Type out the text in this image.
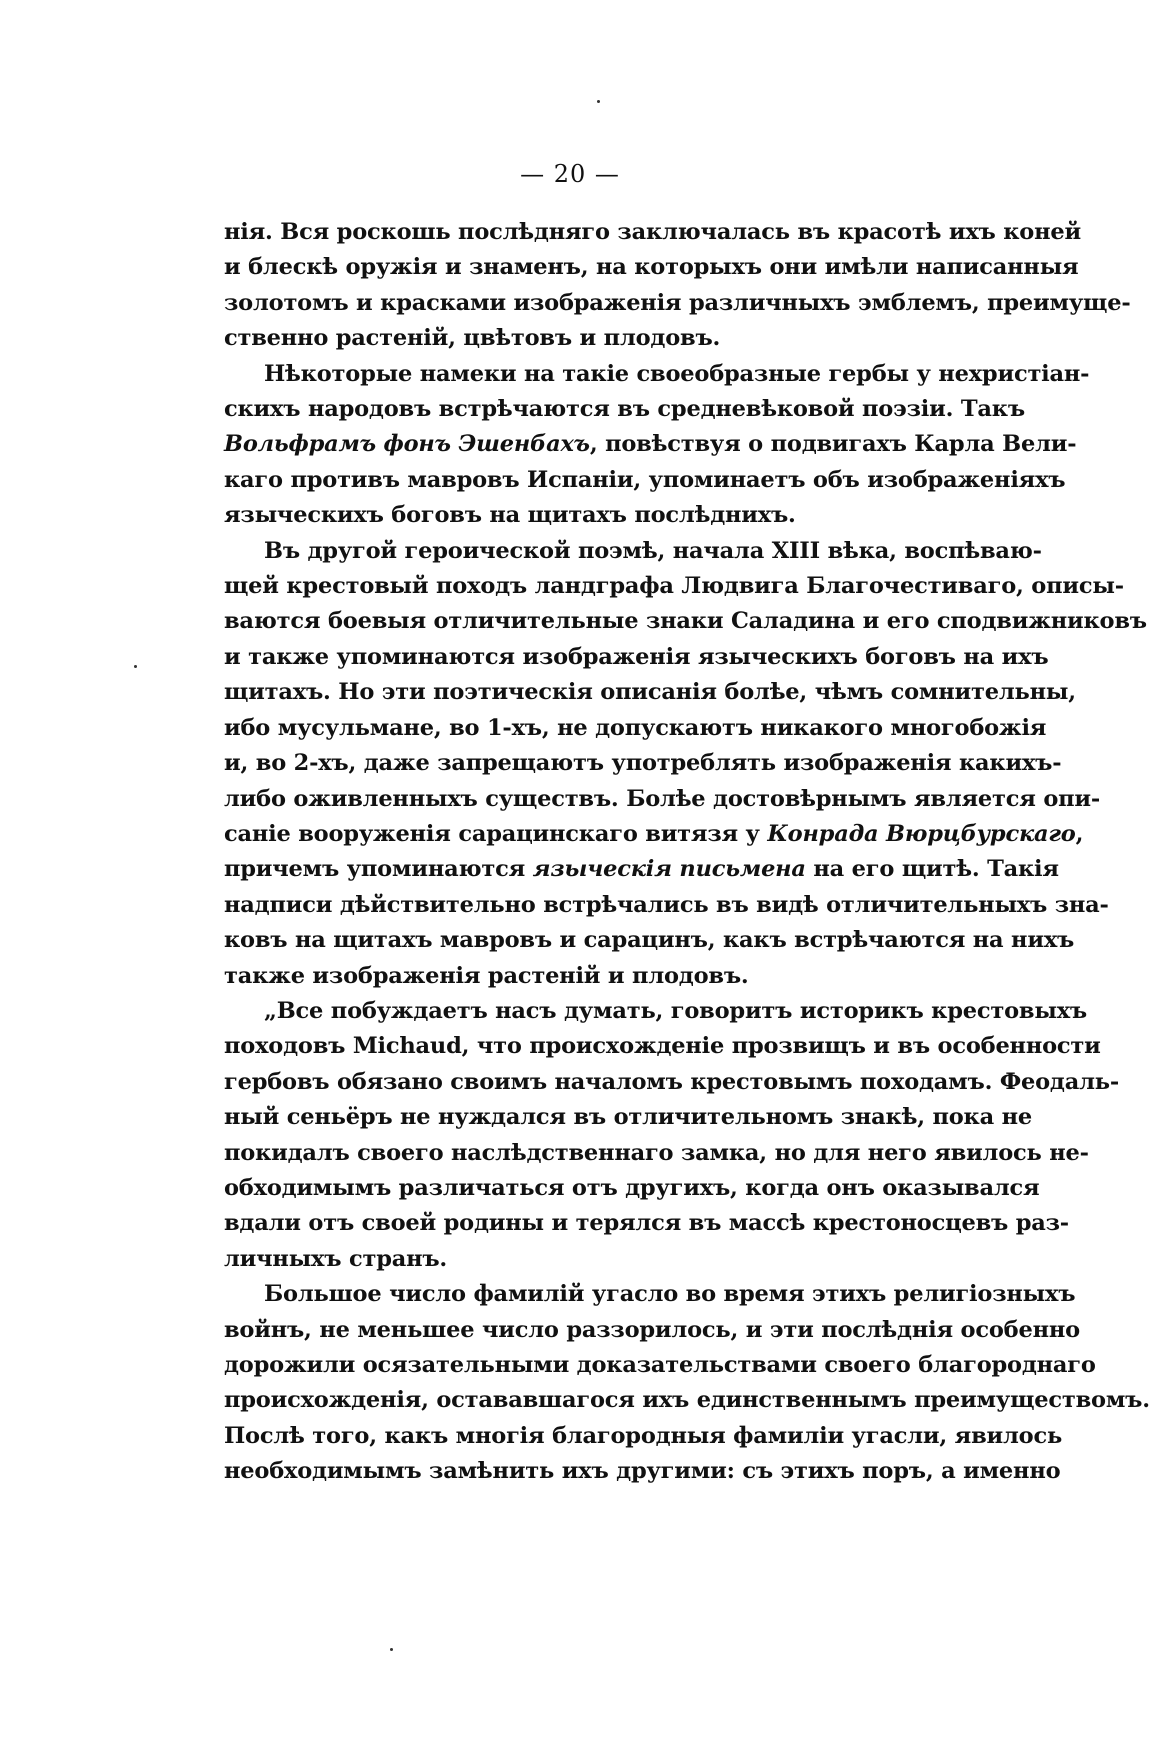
— 20 —
нія. Вся роскошь послѣдняго заключалась въ красотѣ ихъ коней
и блескѣ оружія и знаменъ, на которыхъ они имѣли написанныя
золотомъ и красками изображенія различныхъ эмблемъ, преимуще-
ственно растеній, цвѣтовъ и плодовъ.
Нѣкоторые намеки на такіе своеобразные гербы у нехристіан-
скихъ народовъ встрѣчаются въ средневѣковой поэзіи. Такъ
Вольфрамъ фонъ Эшенбахъ, повѣствуя о подвигахъ Карла Вели-
каго противъ мавровъ Испаніи, упоминаетъ объ изображеніяхъ
языческихъ боговъ на щитахъ послѣднихъ.
Въ другой героической поэмѣ, начала XIII вѣка, воспѣваю-
щей крестовый походъ ландграфа Людвига Благочестиваго, описы-
ваются боевыя отличительные знаки Саладина и его сподвижниковъ
и также упоминаются изображенія языческихъ боговъ на ихъ
щитахъ. Но эти поэтическія описанія болѣе, чѣмъ сомнительны,
ибо мусульмане, во 1-хъ, не допускаютъ никакого многобожія
и, во 2-хъ, даже запрещаютъ употреблять изображенія какихъ-
либо оживленныхъ существъ. Болѣе достовѣрнымъ является опи-
саніе вооруженія сарацинскаго витязя у Конрада Вюрцбурскаго,
причемъ упоминаются языческія письмена на его щитѣ. Такія
надписи дѣйствительно встрѣчались въ видѣ отличительныхъ зна-
ковъ на щитахъ мавровъ и сарацинъ, какъ встрѣчаются на нихъ
также изображенія растеній и плодовъ.
„Все побуждаетъ насъ думать, говоритъ историкъ крестовыхъ
походовъ Michaud, что происхожденіе прозвищъ и въ особенности
гербовъ обязано своимъ началомъ крестовымъ походамъ. Феодаль-
ный сеньёръ не нуждался въ отличительномъ знакѣ, пока не
покидалъ своего наслѣдственнаго замка, но для него явилось не-
обходимымъ различаться отъ другихъ, когда онъ оказывался
вдали отъ своей родины и терялся въ массѣ крестоносцевъ раз-
личныхъ странъ.
Большое число фамилій угасло во время этихъ религіозныхъ
войнъ, не меньшее число раззорилось, и эти послѣднія особенно
дорожили осязательными доказательствами своего благороднаго
происхожденія, остававшагося ихъ единственнымъ преимуществомъ.
Послѣ того, какъ многія благородныя фамиліи угасли, явилось
необходимымъ замѣнить ихъ другими: съ этихъ поръ, а именно
